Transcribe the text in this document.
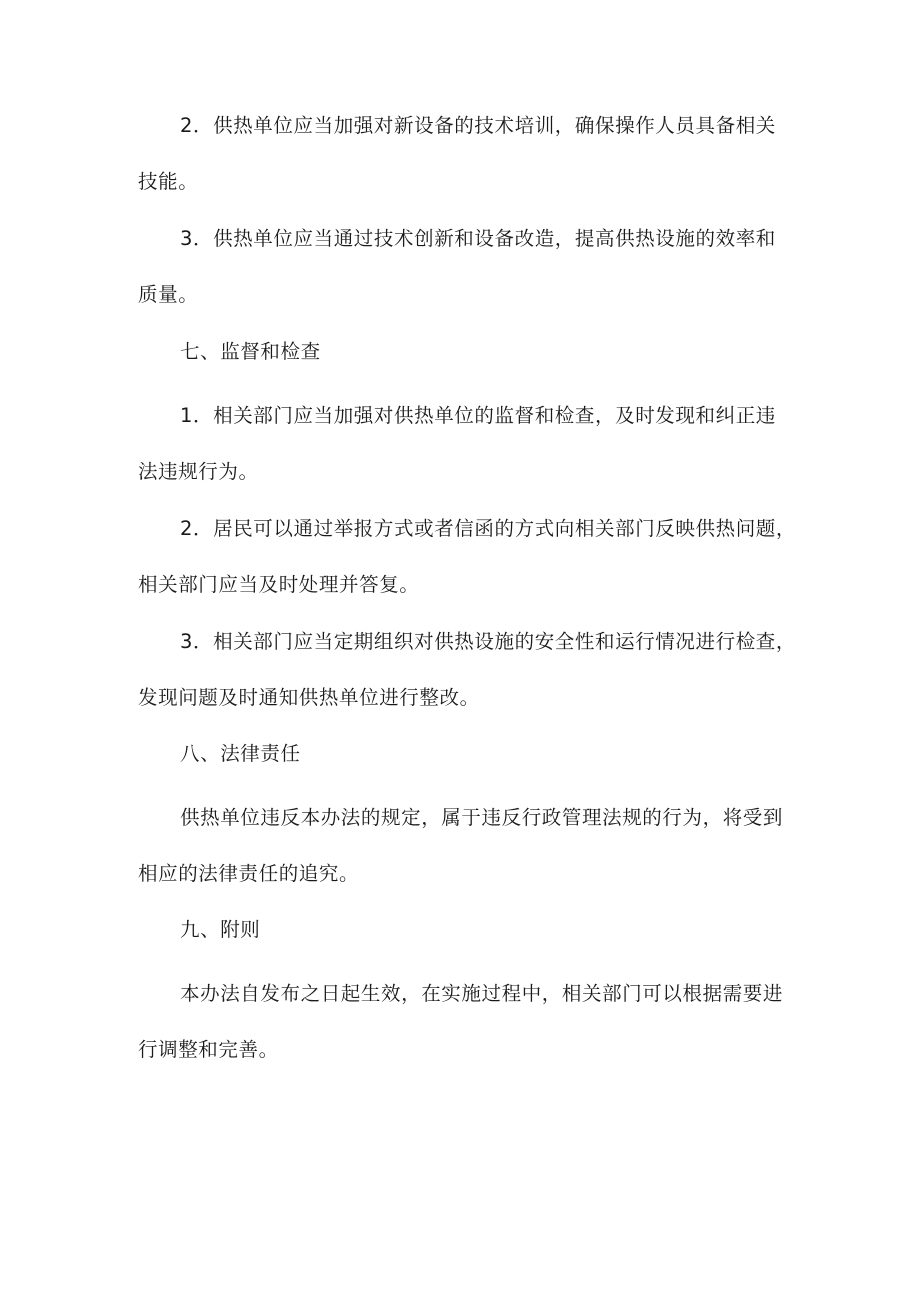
2．供热单位应当加强对新设备的技术培训，确保操作人员具备相关
技能。
3．供热单位应当通过技术创新和设备改造，提高供热设施的效率和
质量。
七、监督和检查
1．相关部门应当加强对供热单位的监督和检查，及时发现和纠正违
法违规行为。
2．居民可以通过举报方式或者信函的方式向相关部门反映供热问题，
相关部门应当及时处理并答复。
3．相关部门应当定期组织对供热设施的安全性和运行情况进行检查，
发现问题及时通知供热单位进行整改。
八、法律责任
供热单位违反本办法的规定，属于违反行政管理法规的行为，将受到
相应的法律责任的追究。
九、附则
本办法自发布之日起生效，在实施过程中，相关部门可以根据需要进
行调整和完善。
